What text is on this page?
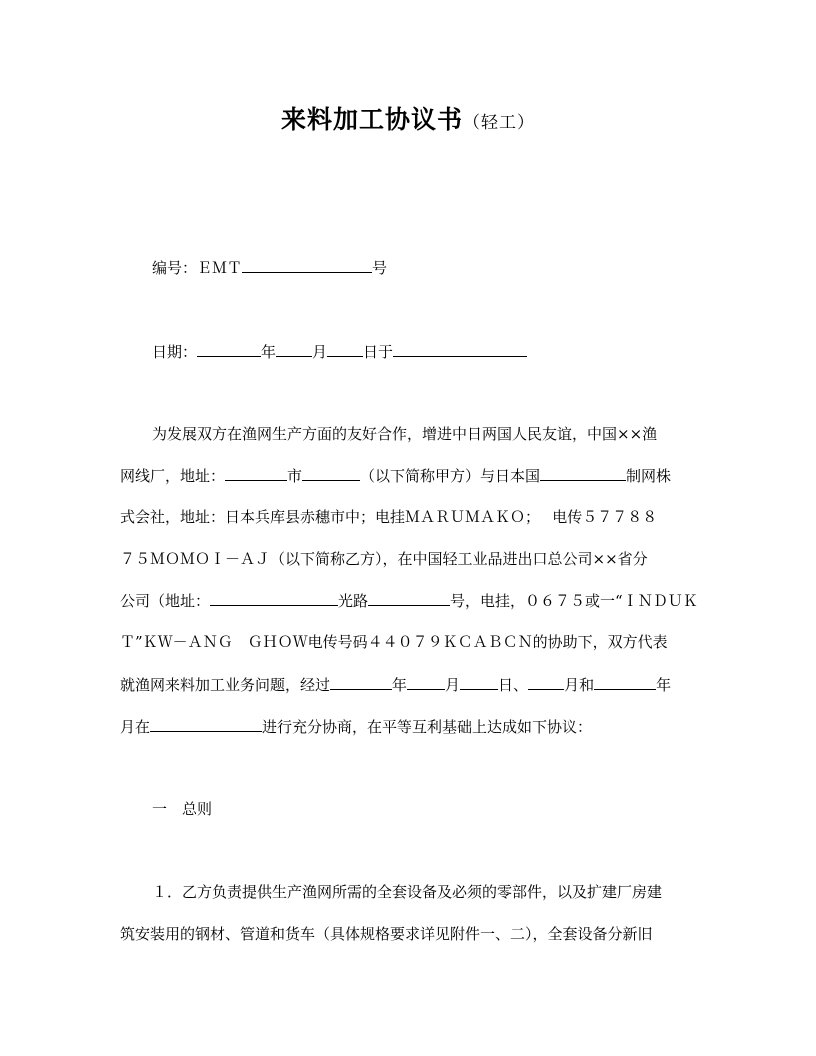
来料加工协议书（轻工）
编号：ＥＭＴ	号
日期：	年 月 日于
为发展双方在渔网生产方面的友好合作，增进中日两国人民友谊，中国××渔
网线厂，地址：	市	（以下简称甲方）与日本国	制网株
式会社，地址：日本兵库县赤穗市中；电挂ＭＡＲＵＭＡＫＯ；　 电传５７７８８
７５ＭＯＭＯＩ－ＡＪ（以下简称乙方），在中国轻工业品进出口总公司××省分
公司（地址：	光路	号，电挂，０６７５或一“ＩＮＤＵＫ
Ｔ”ＫＷ－ＡＮＧ　ＧＨＯＷ电传号码４４０７９ＫＣＡＢＣＮ的协助下，双方代表
就渔网来料加工业务问题，经过	年	月	日、 月和	年
月在	进行充分协商，在平等互利基础上达成如下协议：
一　总则
１．乙方负责提供生产渔网所需的全套设备及必须的零部件，以及扩建厂房建
筑安装用的钢材、管道和货车（具体规格要求详见附件一、二），全套设备分新旧
